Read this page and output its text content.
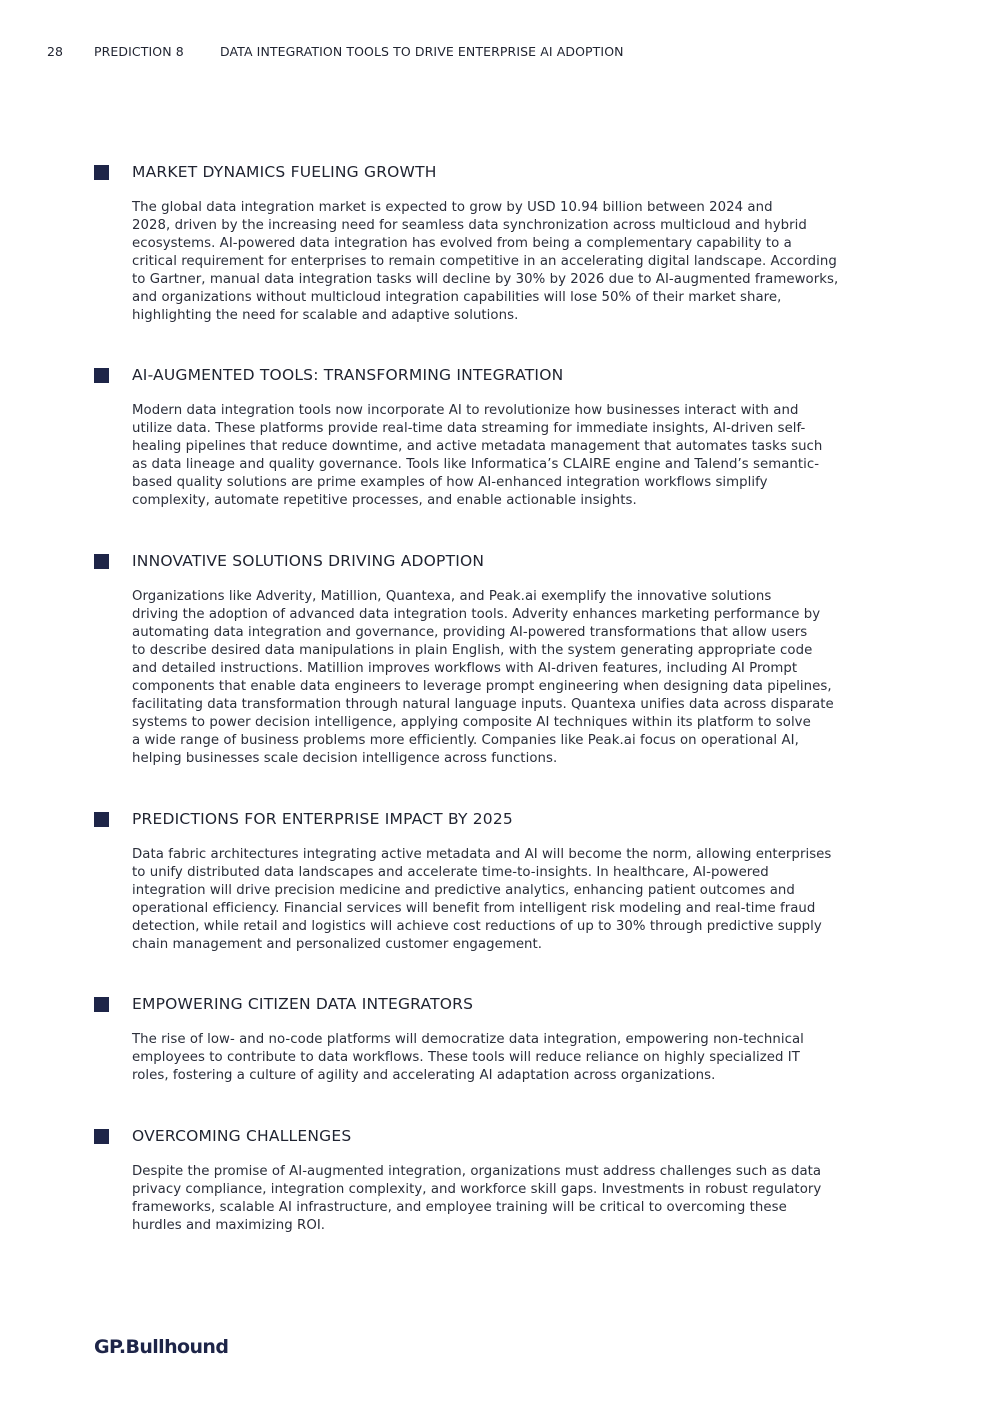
28 PREDICTION 8	DATA INTEGRATION TOOLS TO DRIVE ENTERPRISE AI ADOPTION
MARKET DYNAMICS FUELING GROWTH
The global data integration market is expected to grow by USD 10.94 billion between 2024 and
2028, driven by the increasing need for seamless data synchronization across multicloud and hybrid
ecosystems. AI-powered data integration has evolved from being a complementary capability to a
critical requirement for enterprises to remain competitive in an accelerating digital landscape. According
to Gartner, manual data integration tasks will decline by 30% by 2026 due to AI-augmented frameworks,
and organizations without multicloud integration capabilities will lose 50% of their market share,
highlighting the need for scalable and adaptive solutions.
AI-AUGMENTED TOOLS: TRANSFORMING INTEGRATION
Modern data integration tools now incorporate AI to revolutionize how businesses interact with and
utilize data. These platforms provide real-time data streaming for immediate insights, AI-driven self-
healing pipelines that reduce downtime, and active metadata management that automates tasks such
as data lineage and quality governance. Tools like Informatica’s CLAIRE engine and Talend’s semantic-
based quality solutions are prime examples of how AI-enhanced integration workflows simplify
complexity, automate repetitive processes, and enable actionable insights.
INNOVATIVE SOLUTIONS DRIVING ADOPTION
Organizations like Adverity, Matillion, Quantexa, and Peak.ai exemplify the innovative solutions
driving the adoption of advanced data integration tools. Adverity enhances marketing performance by
automating data integration and governance, providing AI-powered transformations that allow users
to describe desired data manipulations in plain English, with the system generating appropriate code
and detailed instructions. Matillion improves workflows with AI-driven features, including AI Prompt
components that enable data engineers to leverage prompt engineering when designing data pipelines,
facilitating data transformation through natural language inputs. Quantexa unifies data across disparate
systems to power decision intelligence, applying composite AI techniques within its platform to solve
a wide range of business problems more efficiently. Companies like Peak.ai focus on operational AI,
helping businesses scale decision intelligence across functions.
PREDICTIONS FOR ENTERPRISE IMPACT BY 2025
Data fabric architectures integrating active metadata and AI will become the norm, allowing enterprises
to unify distributed data landscapes and accelerate time-to-insights. In healthcare, AI-powered
integration will drive precision medicine and predictive analytics, enhancing patient outcomes and
operational efficiency. Financial services will benefit from intelligent risk modeling and real-time fraud
detection, while retail and logistics will achieve cost reductions of up to 30% through predictive supply
chain management and personalized customer engagement.
EMPOWERING CITIZEN DATA INTEGRATORS
The rise of low- and no-code platforms will democratize data integration, empowering non-technical
employees to contribute to data workflows. These tools will reduce reliance on highly specialized IT
roles, fostering a culture of agility and accelerating AI adaptation across organizations.
OVERCOMING CHALLENGES
Despite the promise of AI-augmented integration, organizations must address challenges such as data
privacy compliance, integration complexity, and workforce skill gaps. Investments in robust regulatory
frameworks, scalable AI infrastructure, and employee training will be critical to overcoming these
hurdles and maximizing ROI.
GP.Bullhound
